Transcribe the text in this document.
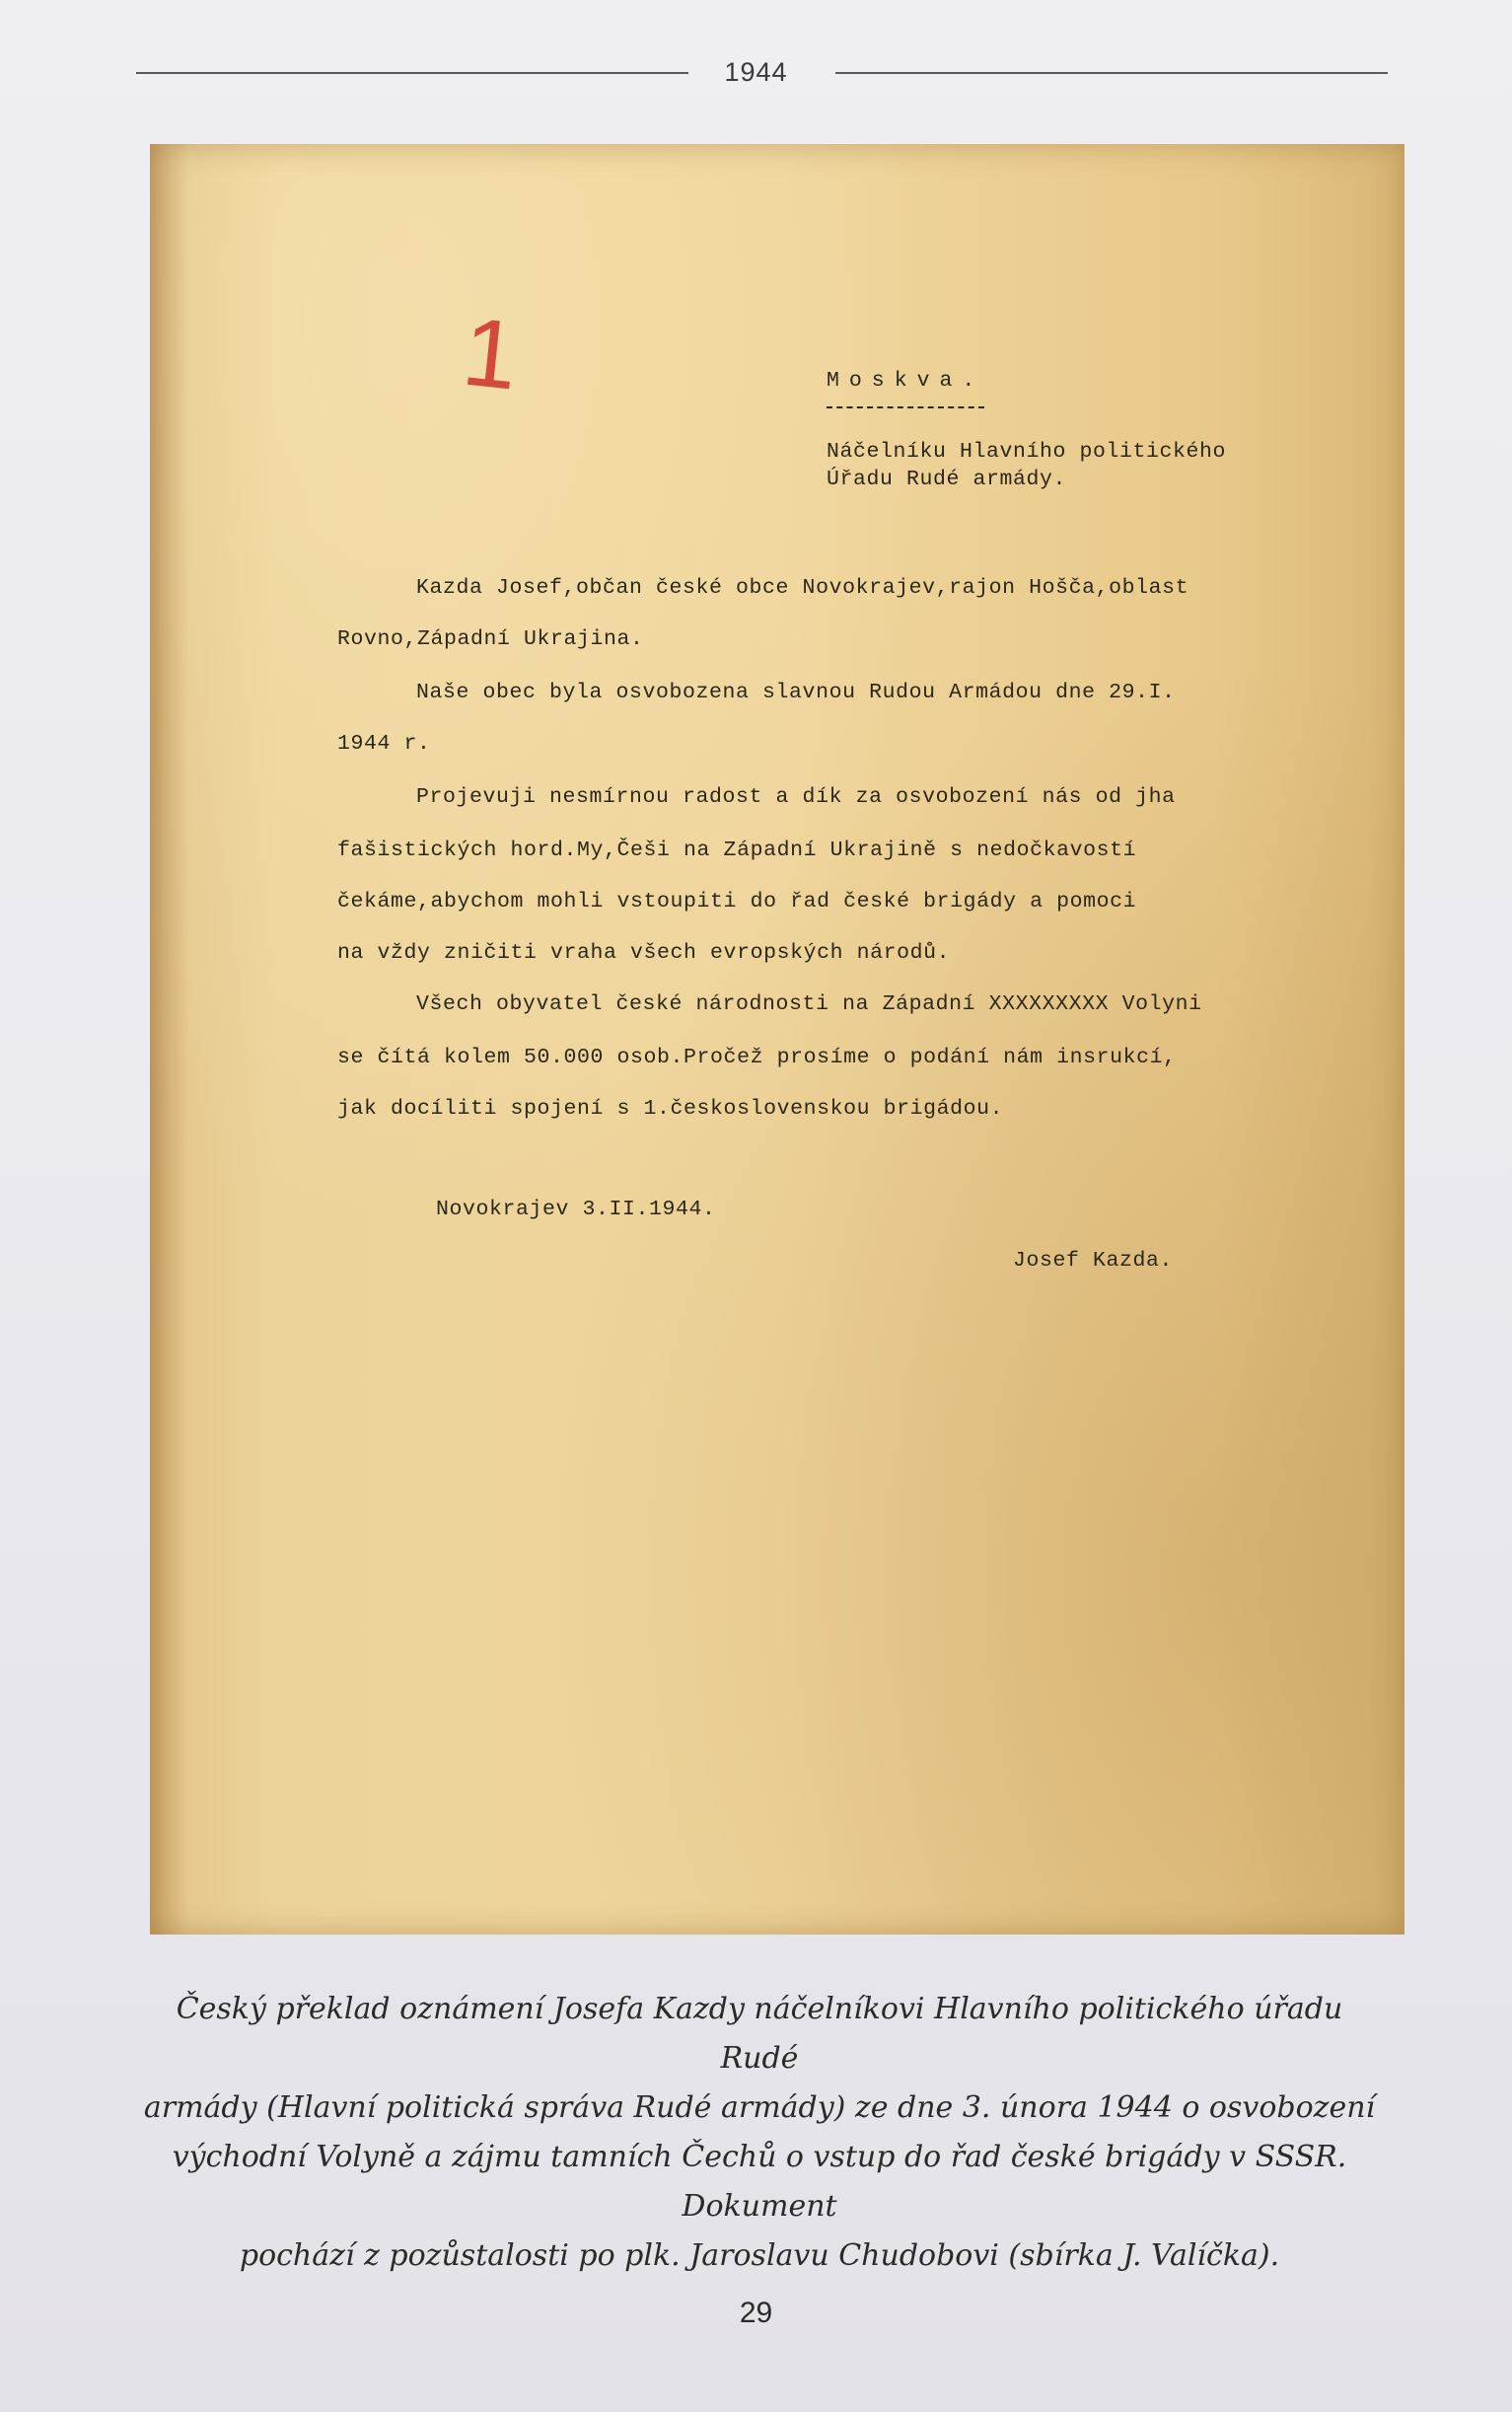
1944
1	Moskva.
Náčelníku Hlavního politického
Úřadu Rudé armády.
Kazda Josef,občan české obce Novokrajev,rajon Hošča,oblast
Rovno,Západní Ukrajina.
Naše obec byla osvobozena slavnou Rudou Armádou dne 29.I.
1944 r.
Projevuji nesmírnou radost a dík za osvobození nás od jha
fašistických hord.My,Češi na Západní Ukrajině s nedočkavostí
čekáme,abychom mohli vstoupiti do řad české brigády a pomoci
na vždy zničiti vraha všech evropských národů.
Všech obyvatel české národnosti na Západní XXXXXXXXX Volyni
se čítá kolem 50.000 osob.Pročež prosíme o podání nám insrukcí,
jak docíliti spojení s 1.československou brigádou.
Novokrajev 3.II.1944.
Josef Kazda.
Český překlad oznámení Josefa Kazdy náčelníkovi Hlavního politického úřadu Rudé
armády (Hlavní politická správa Rudé armády) ze dne 3. února 1944 o osvobození
východní Volyně a zájmu tamních Čechů o vstup do řad české brigády v SSSR. Dokument
pochází z pozůstalosti po plk. Jaroslavu Chudobovi (sbírka J. Valíčka).
29
